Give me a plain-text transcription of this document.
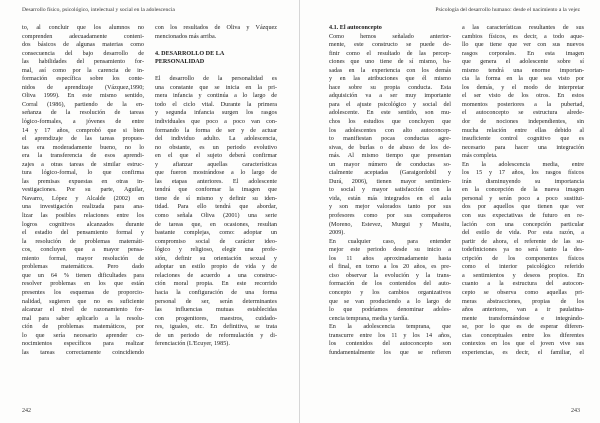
Desarrollo físico, psicológico, intelectual y social en la adolescencia
to, al concluir que los alumnos no
comprenden adecuadamente conteni-
dos básicos de algunas materias como
consecuencia del bajo desarrollo de
las habilidades del pensamiento for-
mal, así como por la carencia de in-
formación específica sobre los conte-
nidos de aprendizaje (Vázquez,1990;
Oliva 1999). En este mismo sentido,
Corral (1986), partiendo de la en-
señanza de la resolución de tareas
lógico-formales, a jóvenes de entre
14 y 17 años, comprobó que si bien
el aprendizaje de las tareas propues-
tas era moderadamente bueno, no lo
era la transferencia de esos aprendi-
zajes a otras tareas de similar estruc-
tura lógico-formal, lo que confirma
las premisas expuestas en otras in-
vestigaciones. Por su parte, Aguilar,
Navarro, López y Alcalde (2002) en
una investigación realizada para ana-
lizar las posibles relaciones entre los
logros cognitivos alcanzados durante
el estadio del pensamiento formal y
la resolución de problemas matemáti-
cos, concluyen que a mayor pensa-
miento formal, mayor resolución de
problemas matemáticos. Pero dado
que un 64 % tienen dificultades para
resolver problemas en los que están
presentes los esquemas de proporcio-
nalidad, sugieren que no es suficiente
alcanzar el nivel de razonamiento for-
mal para saber aplicarlo a la resolu-
ción de problemas matemáticos, por
lo que sería necesario aprender co-
nocimientos específicos para realizar
las tareas correctamente coincidiendo
con los resultados de Oliva y Vázquez
mencionados más arriba.
4. DESARROLLO DE LA
PERSONALIDAD
El desarrollo de la personalidad es
una constante que se inicia en la pri-
mera infancia y continúa a lo largo de
todo el ciclo vital. Durante la primera
y segunda infancia surgen los rasgos
individuales que poco a poco van con-
formando la forma de ser y de actuar
del individuo adulto. La adolescencia,
no obstante, es un periodo evolutivo
en el que el sujeto deberá confirmar
y afianzar aquellas características
que fueron mostrándose a lo largo de
las etapas anteriores. El adolescente
tendrá que conformar la imagen que
tiene de sí mismo y definir su iden-
tidad. Para ello tendrá que abordar,
como señala Oliva (2001) una serie
de tareas que, en ocasiones, resultan
bastante complejas, como: adoptar un
compromiso social de carácter ideo-
lógico y religioso, elegir una profe-
sión, definir su orientación sexual y
adoptar un estilo propio de vida y de
relaciones de acuerdo a una construc-
ción moral propia. En este recorrido
hacia la configuración de una forma
personal de ser, serán determinantes
las influencias mutuas establecidas
con progenitores, maestros, cuidado-
res, iguales, etc. En definitiva, se trata
de un periodo de reformulación y di-
ferenciación (L'Ecuyer, 1985).
242
Psicología del desarrollo humano: desde el nacimiento a la vejez
4.1. El autoconcepto
Como hemos señalado anterior-
mente, este constructo se puede de-
finir como el resultado de las percep-
ciones que uno tiene de sí mismo, ba-
sadas en la experiencia con los demás
y en las atribuciones que él mismo
hace sobre su propia conducta. Esta
adquisición va a ser muy importante
para el ajuste psicológico y social del
adolescente. En este sentido, son mu-
chos los estudios que concluyen que
los adolescentes con alto autoconcep-
to manifiestan pocas conductas agre-
sivas, de burlas o de abuso de los de-
más. Al mismo tiempo que presentan
un mayor número de conductas so-
cialmente aceptadas (Garaigordobil y
Durá, 2006), tienen mayor sentimien-
to social y mayor satisfacción con la
vida, están más integrados en el aula
y son mejor valorados tanto por sus
profesores como por sus compañeros
(Moreno, Estevez, Murgui y Musitu,
2009).
En cualquier caso, para entender
mejor este periodo desde su inicio a
los 11 años aproximadamente hasta
el final, en torno a los 20 años, es pre-
ciso observar la evolución y la trans-
formación de los contenidos del auto-
concepto y los cambios organizativos
que se van produciendo a lo largo de
lo que podríamos denominar adoles-
cencia temprana, media y tardía.
En la adolescencia temprana, que
transcurre entre los 11 y los 14 años,
los contenidos del autoconcepto son
fundamentalmente los que se refieren
a las características resultantes de sus
cambios físicos, es decir, a todo aque-
llo que tiene que ver con sus nuevos
rasgos corporales. En esta imagen
que genera el adolescente sobre sí
mismo tendrá una enorme importan-
cia la forma en la que sea visto por
los demás, y el modo de interpretar
el ser visto de los otros. En estos
momentos posteriores a la pubertad,
el autoconcepto se estructura alrede-
dor de nociones independientes, sin
mucha relación entre ellas debido al
insuficiente control cognitivo que es
necesario para hacer una integración
más completa.
En la adolescencia media, entre
los 15 y 17 años, los rasgos físicos
irán disminuyendo su importancia
en la concepción de la nueva imagen
personal y serán poco a poco sustitui-
dos por aquellos que tienen que ver
con sus expectativas de futuro en re-
lación con una concepción particular
del estilo de vida. Por esta razón, a
partir de ahora, el referente de las su-
todefiniciones ya no será tanto la des-
cripción de los componentes físicos
como el interior psicológico referido
a sentimientos y deseos propios. En
cuanto a la estructura del autocon-
cepto se observa como aquellas pri-
meras abstracciones, propias de los
años anteriores, van a ir paulatina-
mente transformándose e integrándo-
se, por lo que es de esperar diferen-
cias conceptuales entre los diferentes
contextos en los que el joven vive sus
experiencias, es decir, el familiar, el
243
